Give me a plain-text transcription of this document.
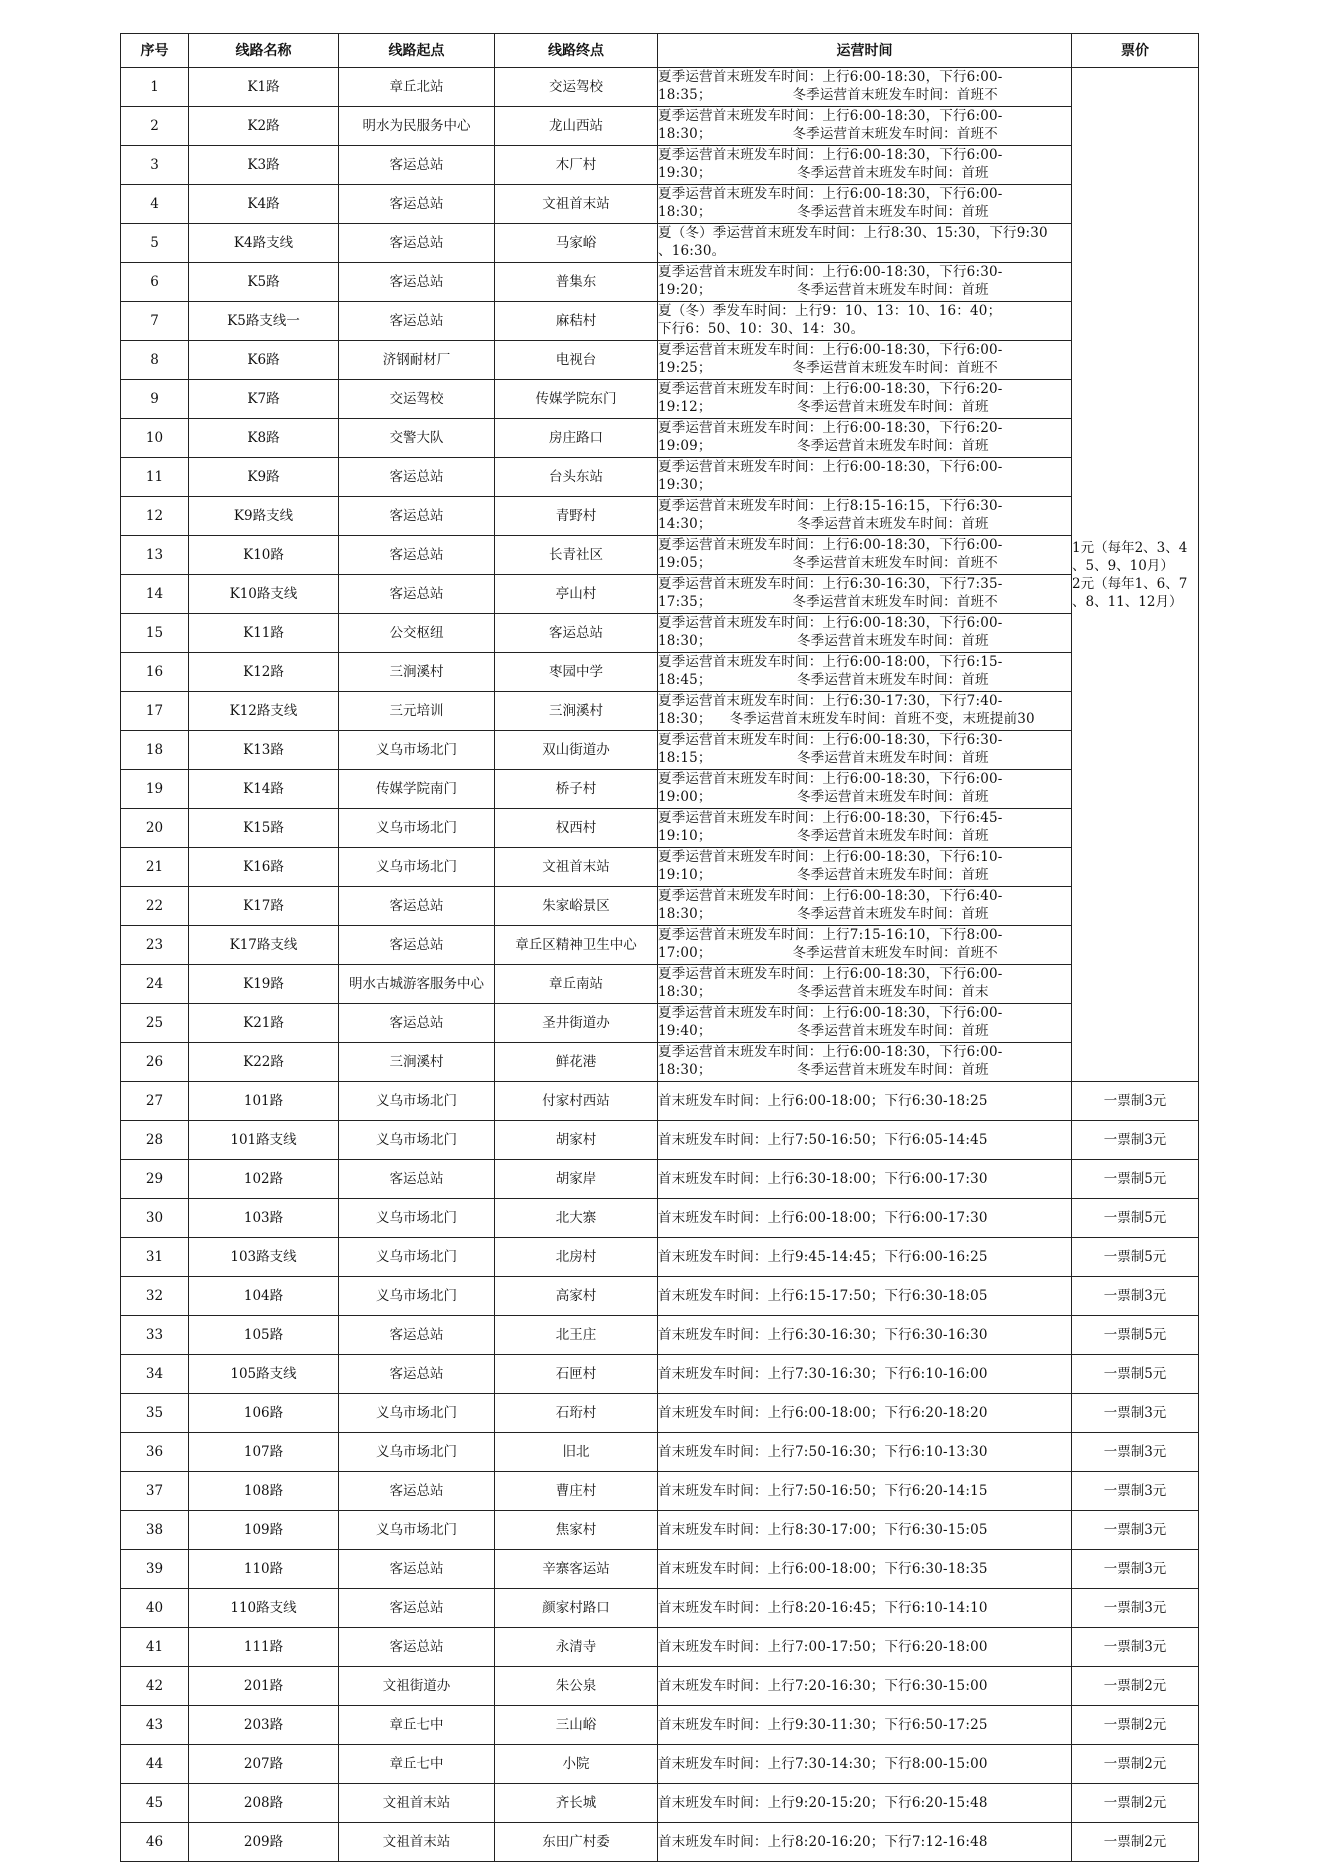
序号	线路名称	线路起点	线路终点	运营时间	票价
1	K1路	章丘北站	交运驾校	夏季运营首末班发车时间：上行6:00-18:30，下行6:00-
18:35；                  冬季运营首末班发车时间：首班不	1元（每年2、3、4
、5、9、10月）
2元（每年1、6、7
、8、11、12月）
2	K2路	明水为民服务中心	龙山西站	夏季运营首末班发车时间：上行6:00-18:30，下行6:00-
18:30；                  冬季运营首末班发车时间：首班不	
3	K3路	客运总站	木厂村	夏季运营首末班发车时间：上行6:00-18:30，下行6:00-
19:30；                   冬季运营首末班发车时间：首班	
4	K4路	客运总站	文祖首末站	夏季运营首末班发车时间：上行6:00-18:30，下行6:00-
18:30；                   冬季运营首末班发车时间：首班	
5	K4路支线	客运总站	马家峪	夏（冬）季运营首末班发车时间：上行8:30、15:30，下行9:30
、16:30。	
6	K5路	客运总站	普集东	夏季运营首末班发车时间：上行6:00-18:30，下行6:30-
19:20；                   冬季运营首末班发车时间：首班	
7	K5路支线一	客运总站	麻秸村	夏（冬）季发车时间：上行9：10、13：10、16：40；
下行6：50、10：30、14：30。	
8	K6路	济钢耐材厂	电视台	夏季运营首末班发车时间：上行6:00-18:30，下行6:00-
19:25；                  冬季运营首末班发车时间：首班不	
9	K7路	交运驾校	传媒学院东门	夏季运营首末班发车时间：上行6:00-18:30，下行6:20-
19:12；                   冬季运营首末班发车时间：首班	
10	K8路	交警大队	房庄路口	夏季运营首末班发车时间：上行6:00-18:30，下行6:20-
19:09；                   冬季运营首末班发车时间：首班	
11	K9路	客运总站	台头东站	夏季运营首末班发车时间：上行6:00-18:30，下行6:00-
19:30；	
12	K9路支线	客运总站	青野村	夏季运营首末班发车时间：上行8:15-16:15，下行6:30-
14:30；                   冬季运营首末班发车时间：首班	
13	K10路	客运总站	长青社区	夏季运营首末班发车时间：上行6:00-18:30，下行6:00-
19:05；                  冬季运营首末班发车时间：首班不	
14	K10路支线	客运总站	亭山村	夏季运营首末班发车时间：上行6:30-16:30，下行7:35-
17:35；                  冬季运营首末班发车时间：首班不	
15	K11路	公交枢纽	客运总站	夏季运营首末班发车时间：上行6:00-18:30，下行6:00-
18:30；                   冬季运营首末班发车时间：首班	
16	K12路	三涧溪村	枣园中学	夏季运营首末班发车时间：上行6:00-18:00，下行6:15-
18:45；                   冬季运营首末班发车时间：首班	
17	K12路支线	三元培训	三涧溪村	夏季运营首末班发车时间：上行6:30-17:30，下行7:40-
18:30；    冬季运营首末班发车时间：首班不变，末班提前30	
18	K13路	义乌市场北门	双山街道办	夏季运营首末班发车时间：上行6:00-18:30，下行6:30-
18:15；                   冬季运营首末班发车时间：首班	
19	K14路	传媒学院南门	桥子村	夏季运营首末班发车时间：上行6:00-18:30，下行6:00-
19:00；                   冬季运营首末班发车时间：首班	
20	K15路	义乌市场北门	权西村	夏季运营首末班发车时间：上行6:00-18:30，下行6:45-
19:10；                   冬季运营首末班发车时间：首班	
21	K16路	义乌市场北门	文祖首末站	夏季运营首末班发车时间：上行6:00-18:30，下行6:10-
19:10；                   冬季运营首末班发车时间：首班	
22	K17路	客运总站	朱家峪景区	夏季运营首末班发车时间：上行6:00-18:30，下行6:40-
18:30；                   冬季运营首末班发车时间：首班	
23	K17路支线	客运总站	章丘区精神卫生中心	夏季运营首末班发车时间：上行7:15-16:10，下行8:00-
17:00；                  冬季运营首末班发车时间：首班不	
24	K19路	明水古城游客服务中心	章丘南站	夏季运营首末班发车时间：上行6:00-18:30，下行6:00-
18:30；                   冬季运营首末班发车时间：首末	
25	K21路	客运总站	圣井街道办	夏季运营首末班发车时间：上行6:00-18:30，下行6:00-
19:40；                   冬季运营首末班发车时间：首班	
26	K22路	三涧溪村	鲜花港	夏季运营首末班发车时间：上行6:00-18:30，下行6:00-
18:30；                   冬季运营首末班发车时间：首班	
27	101路	义乌市场北门	付家村西站	首末班发车时间：上行6:00-18:00；下行6:30-18:25	一票制3元
28	101路支线	义乌市场北门	胡家村	首末班发车时间：上行7:50-16:50；下行6:05-14:45	一票制3元
29	102路	客运总站	胡家岸	首末班发车时间：上行6:30-18:00；下行6:00-17:30	一票制5元
30	103路	义乌市场北门	北大寨	首末班发车时间：上行6:00-18:00；下行6:00-17:30	一票制5元
31	103路支线	义乌市场北门	北房村	首末班发车时间：上行9:45-14:45；下行6:00-16:25	一票制5元
32	104路	义乌市场北门	高家村	首末班发车时间：上行6:15-17:50；下行6:30-18:05	一票制3元
33	105路	客运总站	北王庄	首末班发车时间：上行6:30-16:30；下行6:30-16:30	一票制5元
34	105路支线	客运总站	石匣村	首末班发车时间：上行7:30-16:30；下行6:10-16:00	一票制5元
35	106路	义乌市场北门	石珩村	首末班发车时间：上行6:00-18:00；下行6:20-18:20	一票制3元
36	107路	义乌市场北门	旧北	首末班发车时间：上行7:50-16:30；下行6:10-13:30	一票制3元
37	108路	客运总站	曹庄村	首末班发车时间：上行7:50-16:50；下行6:20-14:15	一票制3元
38	109路	义乌市场北门	焦家村	首末班发车时间：上行8:30-17:00；下行6:30-15:05	一票制3元
39	110路	客运总站	辛寨客运站	首末班发车时间：上行6:00-18:00；下行6:30-18:35	一票制3元
40	110路支线	客运总站	颜家村路口	首末班发车时间：上行8:20-16:45；下行6:10-14:10	一票制3元
41	111路	客运总站	永清寺	首末班发车时间：上行7:00-17:50；下行6:20-18:00	一票制3元
42	201路	文祖街道办	朱公泉	首末班发车时间：上行7:20-16:30；下行6:30-15:00	一票制2元
43	203路	章丘七中	三山峪	首末班发车时间：上行9:30-11:30；下行6:50-17:25	一票制2元
44	207路	章丘七中	小院	首末班发车时间：上行7:30-14:30；下行8:00-15:00	一票制2元
45	208路	文祖首末站	齐长城	首末班发车时间：上行9:20-15:20；下行6:20-15:48	一票制2元
46	209路	文祖首末站	东田广村委	首末班发车时间：上行8:20-16:20；下行7:12-16:48	一票制2元
